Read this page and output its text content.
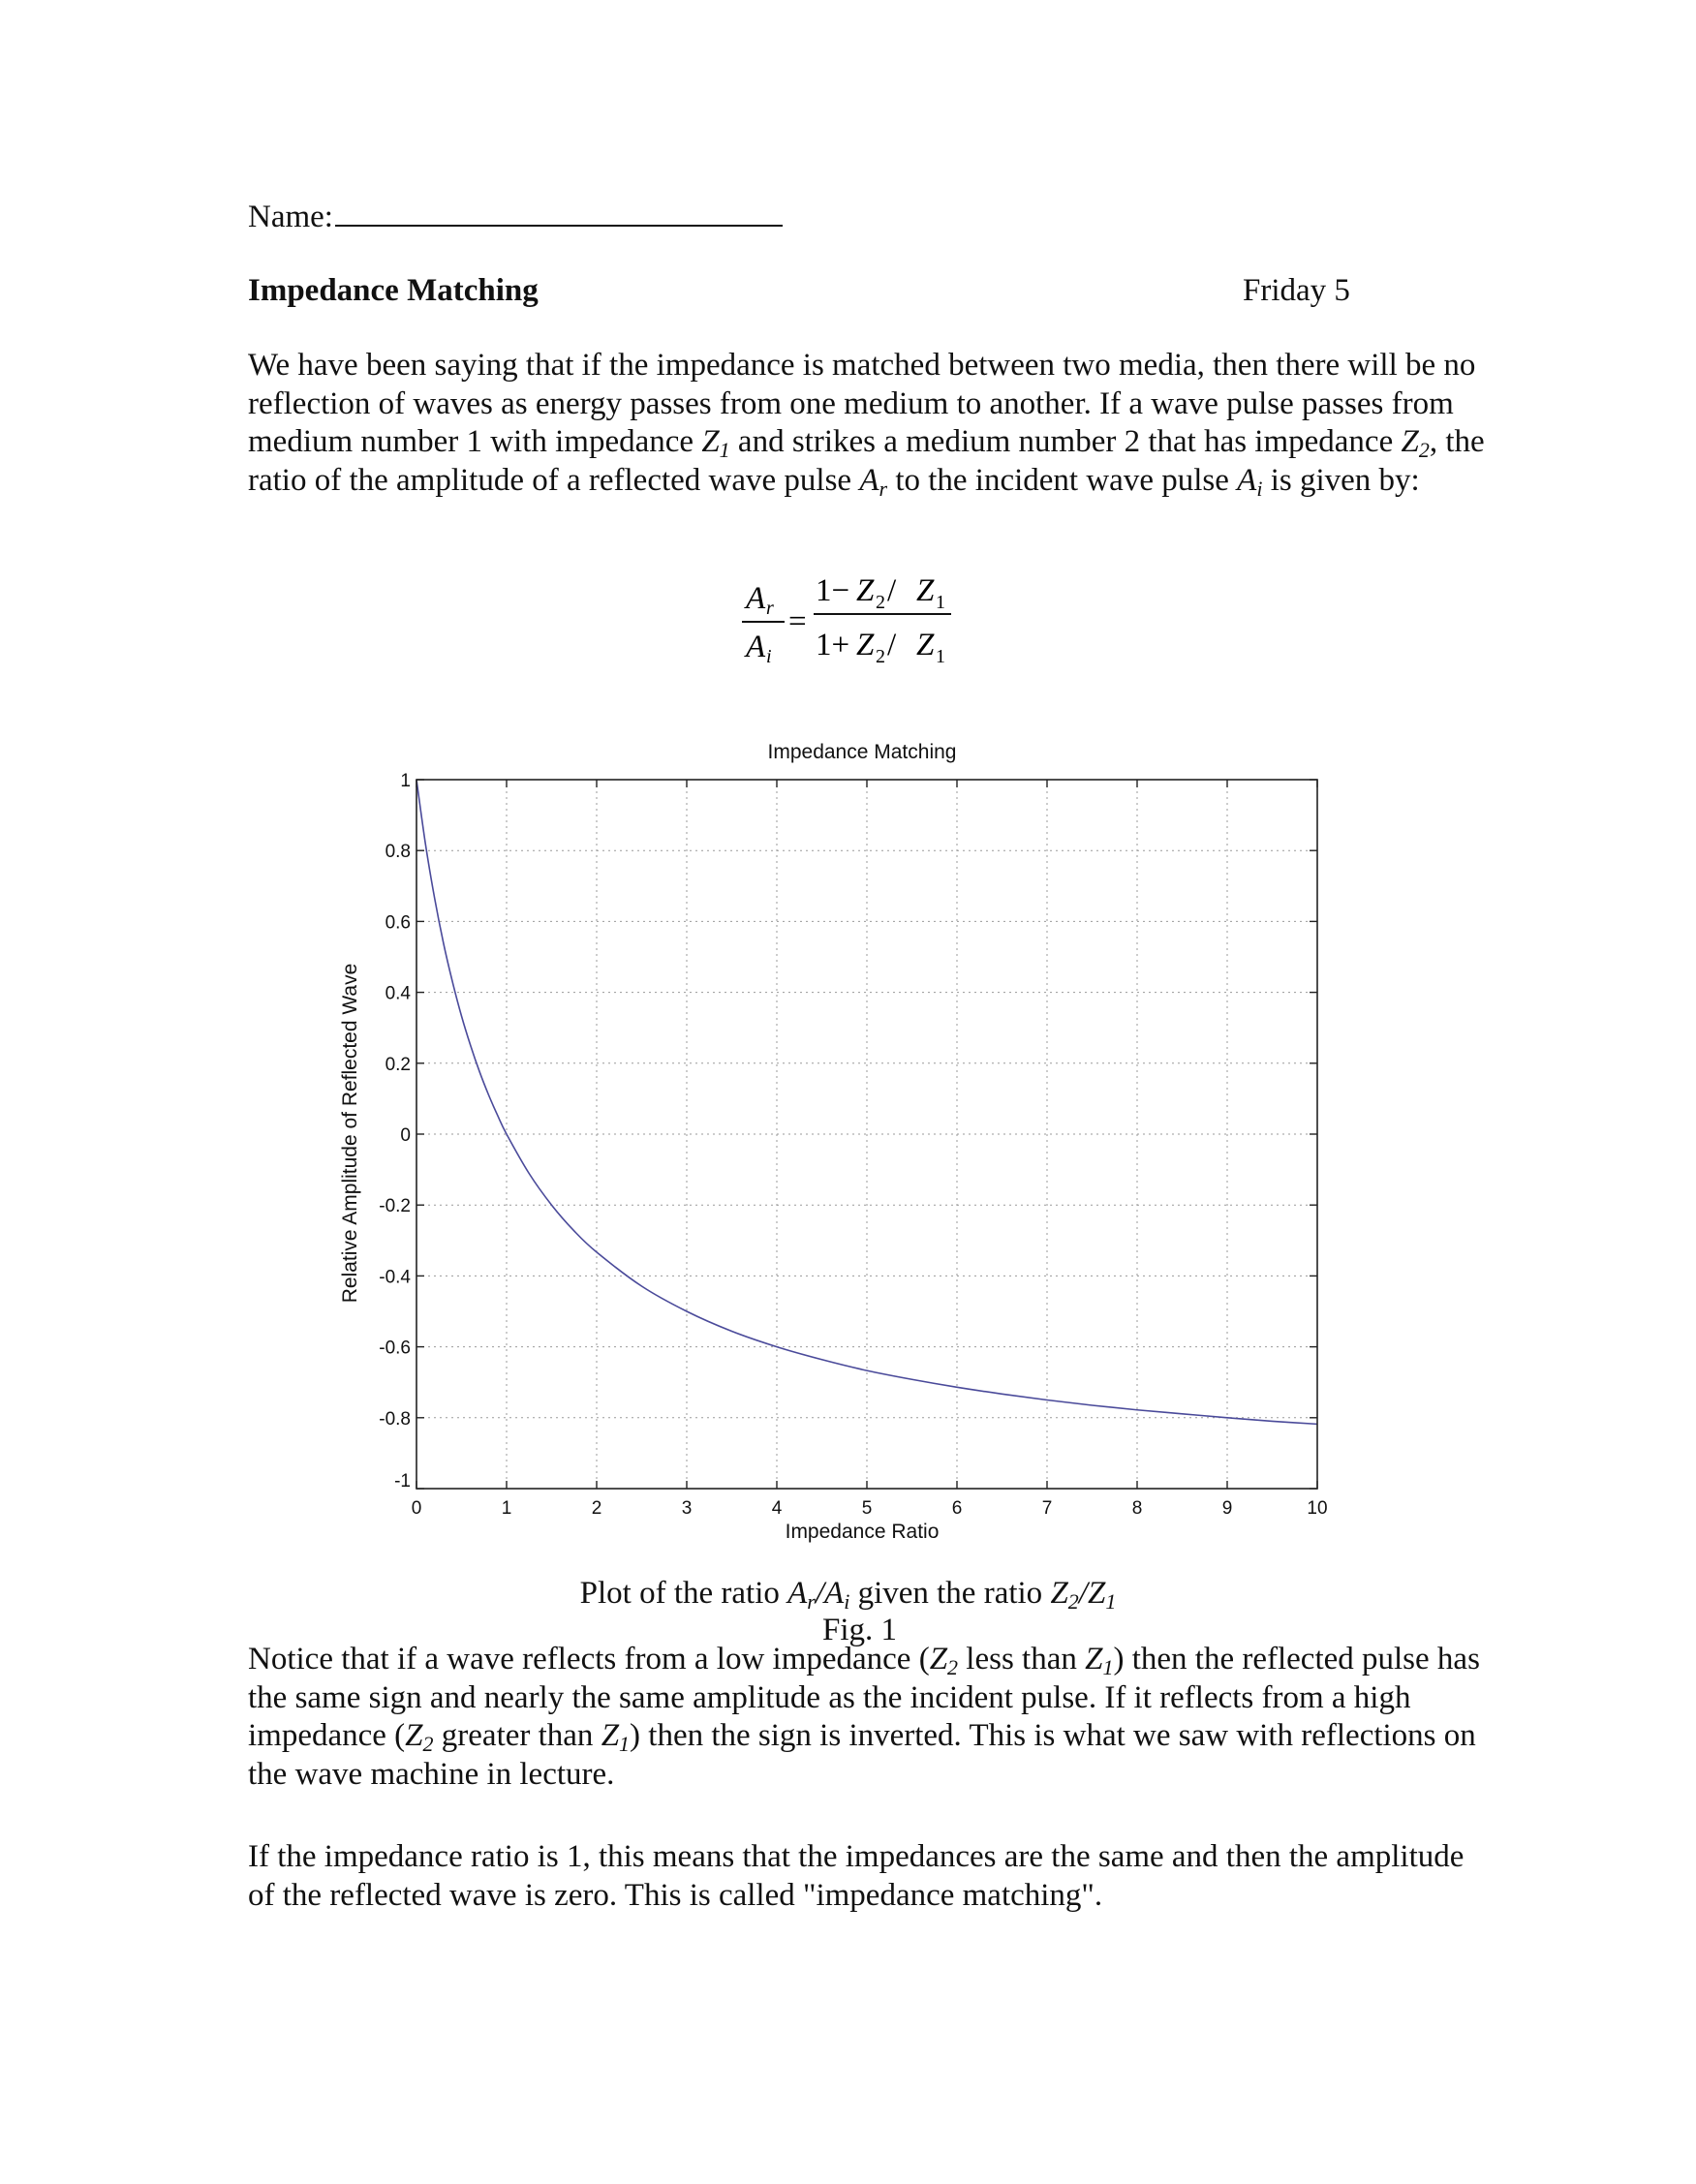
Name:
Impedance Matching	Friday 5

We have been saying that if the impedance is matched between two media, then there will be no reflection of waves as energy passes from one medium to another. If a wave pulse passes from medium number 1 with impedance $Z_1$ and strikes a medium number 2 that has impedance $Z_2$, the ratio of the amplitude of a reflected wave pulse $A_r$ to the incident wave pulse $A_i$ is given by:

A r
A i
=
1− Z 2 / Z 1
1+ Z 2 / Z 1
Impedance Matching
Relative Amplitude of Reflected Wave
Impedance Ratio
0	1	2	3	4	5	6	7	8	9	10
1
0.8
0.6
0.4
0.2
0
-0.2
-0.4
-0.6
-0.8
-1
Plot of the ratio $A_r/A_i$ given the ratio $Z_2/Z_1$
Fig. 1

Notice that if a wave reflects from a low impedance ($Z_2$ less than $Z_1$) then the reflected pulse has the same sign and nearly the same amplitude as the incident pulse. If it reflects from a high impedance ($Z_2$ greater than $Z_1$) then the sign is inverted. This is what we saw with reflections on the wave machine in lecture.

If the impedance ratio is 1, this means that the impedances are the same and then the amplitude of the reflected wave is zero. This is called "impedance matching".
